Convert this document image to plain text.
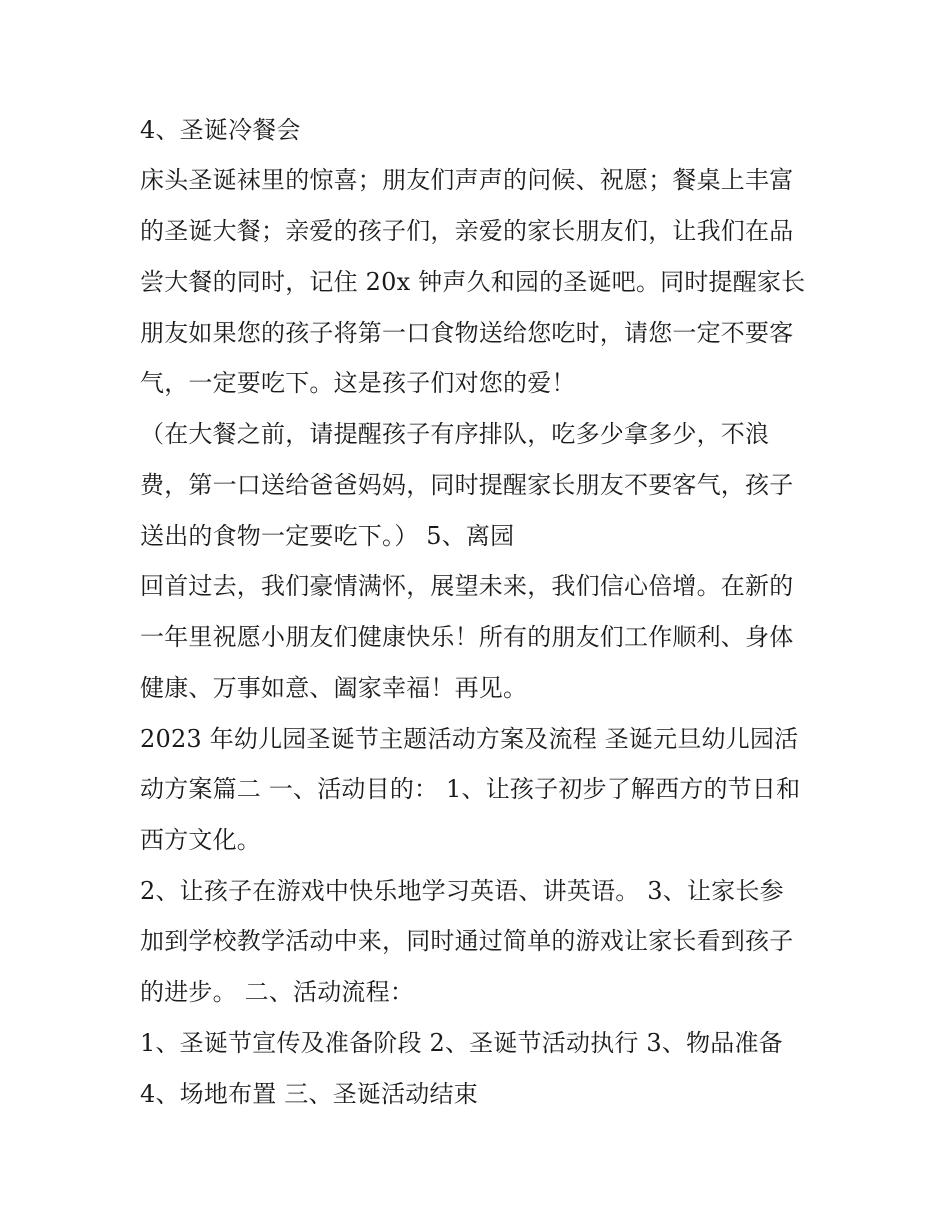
4、圣诞冷餐会
床头圣诞袜里的惊喜；朋友们声声的问候、祝愿；餐桌上丰富
的圣诞大餐；亲爱的孩子们，亲爱的家长朋友们，让我们在品
尝大餐的同时，记住 20x 钟声久和园的圣诞吧。同时提醒家长
朋友如果您的孩子将第一口食物送给您吃时，请您一定不要客
气，一定要吃下。这是孩子们对您的爱！
（在大餐之前，请提醒孩子有序排队，吃多少拿多少，不浪
费，第一口送给爸爸妈妈，同时提醒家长朋友不要客气，孩子
送出的食物一定要吃下。） 5、离园
回首过去，我们豪情满怀，展望未来，我们信心倍增。在新的
一年里祝愿小朋友们健康快乐！所有的朋友们工作顺利、身体
健康、万事如意、阖家幸福！再见。
2023 年幼儿园圣诞节主题活动方案及流程 圣诞元旦幼儿园活
动方案篇二 一、活动目的： 1、让孩子初步了解西方的节日和
西方文化。
2、让孩子在游戏中快乐地学习英语、讲英语。 3、让家长参
加到学校教学活动中来，同时通过简单的游戏让家长看到孩子
的进步。 二、活动流程：
1、圣诞节宣传及准备阶段 2、圣诞节活动执行 3、物品准备
4、场地布置 三、圣诞活动结束
